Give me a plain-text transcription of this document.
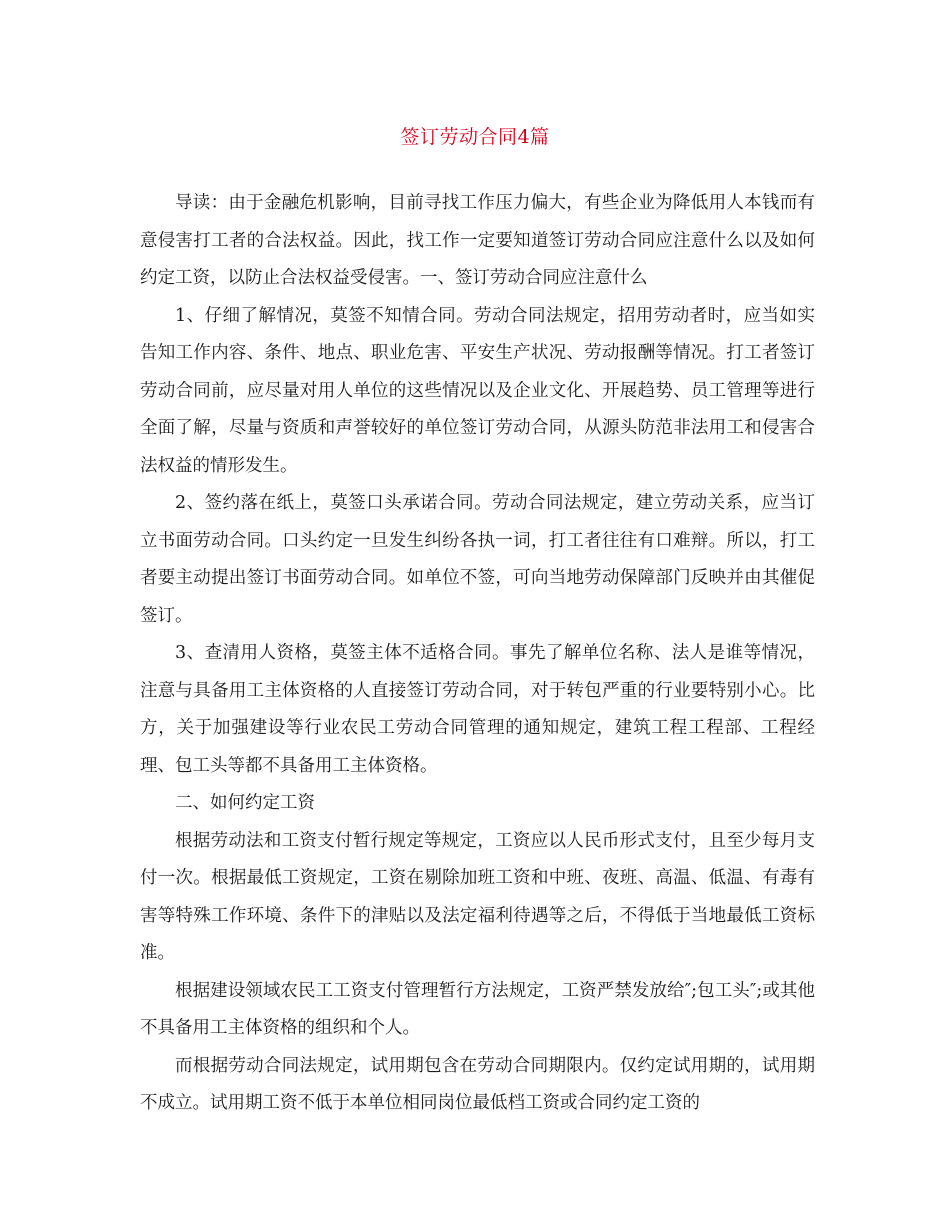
签订劳动合同4篇

导读：由于金融危机影响，目前寻找工作压力偏大，有些企业为降低用人本钱而有意侵害打工者的合法权益。因此，找工作一定要知道签订劳动合同应注意什么以及如何约定工资，以防止合法权益受侵害。一、签订劳动合同应注意什么

1、仔细了解情况，莫签不知情合同。劳动合同法规定，招用劳动者时，应当如实告知工作内容、条件、地点、职业危害、平安生产状况、劳动报酬等情况。打工者签订劳动合同前，应尽量对用人单位的这些情况以及企业文化、开展趋势、员工管理等进行全面了解，尽量与资质和声誉较好的单位签订劳动合同，从源头防范非法用工和侵害合法权益的情形发生。

2、签约落在纸上，莫签口头承诺合同。劳动合同法规定，建立劳动关系，应当订立书面劳动合同。口头约定一旦发生纠纷各执一词，打工者往往有口难辩。所以，打工者要主动提出签订书面劳动合同。如单位不签，可向当地劳动保障部门反映并由其催促签订。

3、查清用人资格，莫签主体不适格合同。事先了解单位名称、法人是谁等情况，注意与具备用工主体资格的人直接签订劳动合同，对于转包严重的行业要特别小心。比方，关于加强建设等行业农民工劳动合同管理的通知规定，建筑工程工程部、工程经理、包工头等都不具备用工主体资格。

二、如何约定工资

根据劳动法和工资支付暂行规定等规定，工资应以人民币形式支付，且至少每月支付一次。根据最低工资规定，工资在剔除加班工资和中班、夜班、高温、低温、有毒有害等特殊工作环境、条件下的津贴以及法定福利待遇等之后，不得低于当地最低工资标准。

根据建设领域农民工工资支付管理暂行方法规定，工资严禁发放给″;包工头″;或其他不具备用工主体资格的组织和个人。

而根据劳动合同法规定，试用期包含在劳动合同期限内。仅约定试用期的，试用期不成立。试用期工资不低于本单位相同岗位最低档工资或合同约定工资的
